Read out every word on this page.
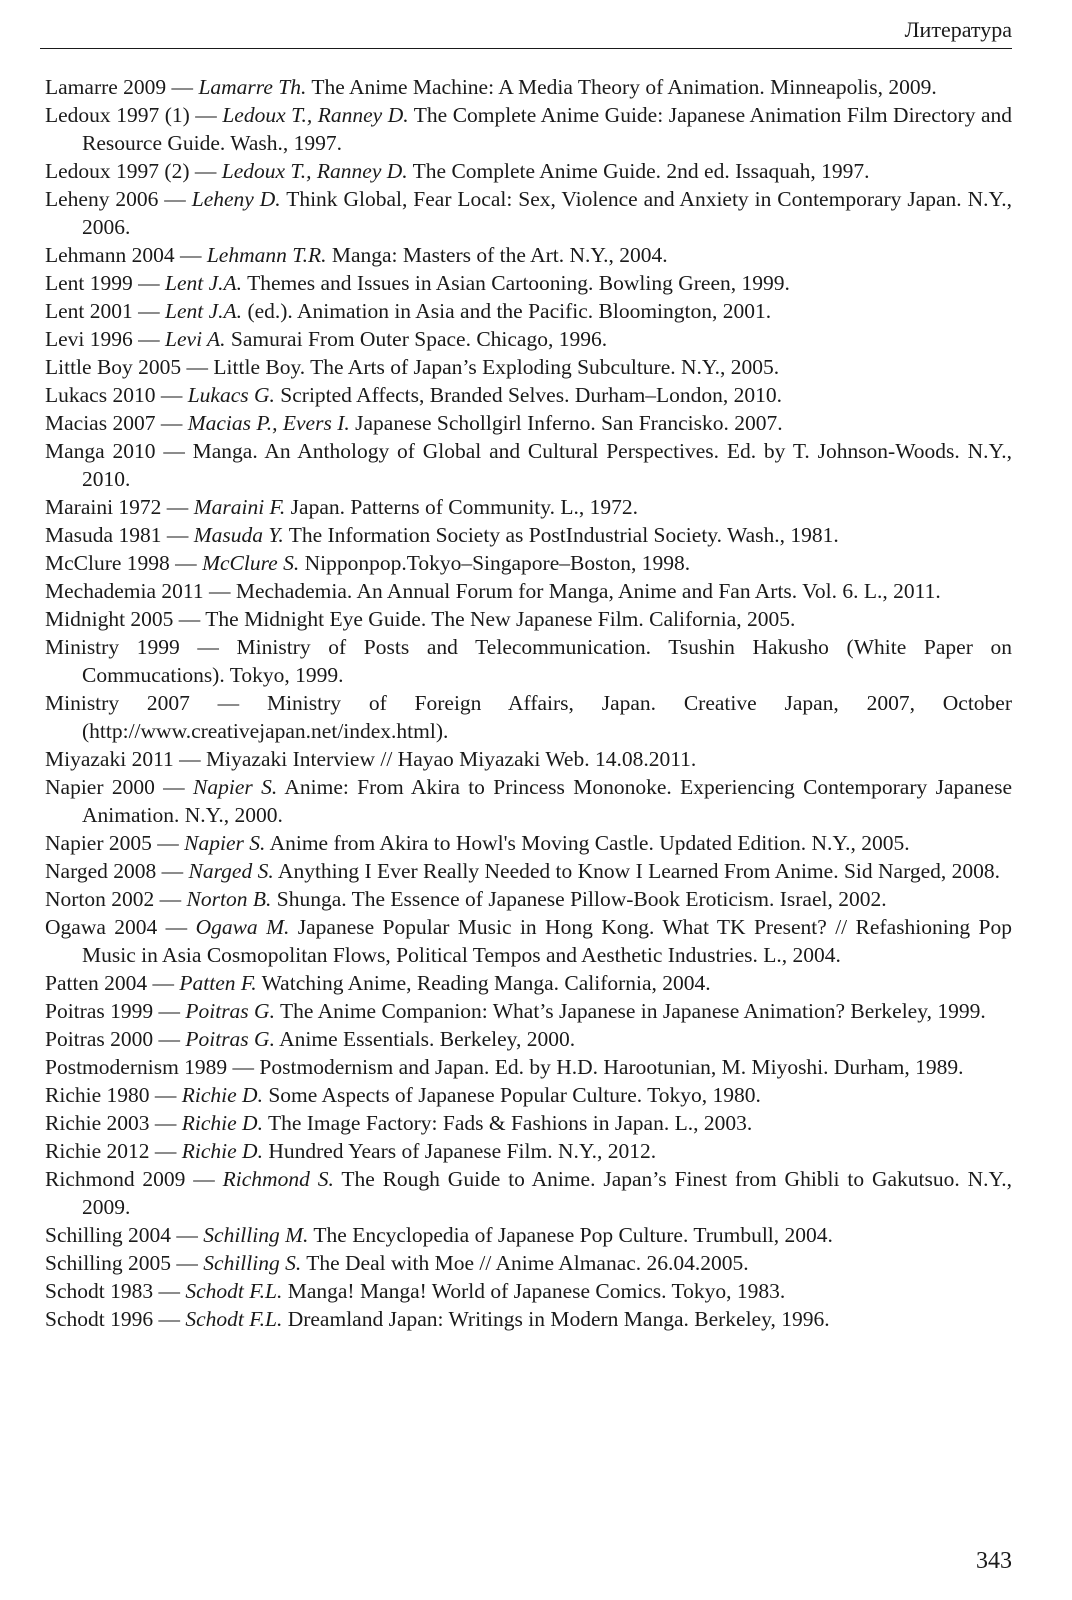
Литература
Lamarre 2009 — Lamarre Th. The Anime Machine: A Media Theory of Animation. Minneapolis, 2009.
Ledoux 1997 (1) — Ledoux T., Ranney D. The Complete Anime Guide: Japanese Animation Film Directory and Resource Guide. Wash., 1997.
Ledoux 1997 (2) — Ledoux T., Ranney D. The Complete Anime Guide. 2nd ed. Issaquah, 1997.
Leheny 2006 — Leheny D. Think Global, Fear Local: Sex, Violence and Anxiety in Contemporary Japan. N.Y., 2006.
Lehmann 2004 — Lehmann T.R. Manga: Masters of the Art. N.Y., 2004.
Lent 1999 — Lent J.A. Themes and Issues in Asian Cartooning. Bowling Green, 1999.
Lent 2001 — Lent J.A. (ed.). Animation in Asia and the Pacific. Bloomington, 2001.
Levi 1996 — Levi A. Samurai From Outer Space. Chicago, 1996.
Little Boy 2005 — Little Boy. The Arts of Japan’s Exploding Subculture. N.Y., 2005.
Lukacs 2010 — Lukacs G. Scripted Affects, Branded Selves. Durham–London, 2010.
Macias 2007 — Macias P., Evers I. Japanese Schollgirl Inferno. San Francisko. 2007.
Manga 2010 — Manga. An Anthology of Global and Cultural Perspectives. Ed. by T. Johnson-Woods. N.Y., 2010.
Maraini 1972 — Maraini F. Japan. Patterns of Community. L., 1972.
Masuda 1981 — Masuda Y. The Information Society as PostIndustrial Society. Wash., 1981.
McClure 1998 — McClure S. Nipponpop.Tokyo–Singapore–Boston, 1998.
Mechademia 2011 — Mechademia. An Annual Forum for Manga, Anime and Fan Arts. Vol. 6. L., 2011.
Midnight 2005 — The Midnight Eye Guide. The New Japanese Film. California, 2005.
Ministry 1999 — Ministry of Posts and Telecommunication. Tsushin Hakusho (White Paper on Commucations). Tokyo, 1999.
Ministry 2007 — Ministry of Foreign Affairs, Japan. Creative Japan, 2007, October (http://www.creativejapan.net/index.html).
Miyazaki 2011 — Miyazaki Interview // Hayao Miyazaki Web. 14.08.2011.
Napier 2000 — Napier S. Anime: From Akira to Princess Mononoke. Experiencing Contemporary Japanese Animation. N.Y., 2000.
Napier 2005 — Napier S. Anime from Akira to Howl's Moving Castle. Updated Edition. N.Y., 2005.
Narged 2008 — Narged S. Anything I Ever Really Needed to Know I Learned From Anime. Sid Narged, 2008.
Norton 2002 — Norton B. Shunga. The Essence of Japanese Pillow-Book Eroticism. Israel, 2002.
Ogawa 2004 — Ogawa M. Japanese Popular Music in Hong Kong. What TK Present? // Refashioning Pop Music in Asia Cosmopolitan Flows, Political Tempos and Aesthetic Industries. L., 2004.
Patten 2004 — Patten F. Watching Anime, Reading Manga. California, 2004.
Poitras 1999 — Poitras G. The Anime Companion: What’s Japanese in Japanese Animation? Berkeley, 1999.
Poitras 2000 — Poitras G. Anime Essentials. Berkeley, 2000.
Postmodernism 1989 — Postmodernism and Japan. Ed. by H.D. Harootunian, M. Miyoshi. Durham, 1989.
Richie 1980 — Richie D. Some Aspects of Japanese Popular Culture. Tokyo, 1980.
Richie 2003 — Richie D. The Image Factory: Fads & Fashions in Japan. L., 2003.
Richie 2012 — Richie D. Hundred Years of Japanese Film. N.Y., 2012.
Richmond 2009 — Richmond S. The Rough Guide to Anime. Japan’s Finest from Ghibli to Gakutsuo. N.Y., 2009.
Schilling 2004 — Schilling M. The Encyclopedia of Japanese Pop Culture. Trumbull, 2004.
Schilling 2005 — Schilling S. The Deal with Moe // Anime Almanac. 26.04.2005.
Schodt 1983 — Schodt F.L. Manga! Manga! World of Japanese Comics. Tokyo, 1983.
Schodt 1996 — Schodt F.L. Dreamland Japan: Writings in Modern Manga. Berkeley, 1996.
343
